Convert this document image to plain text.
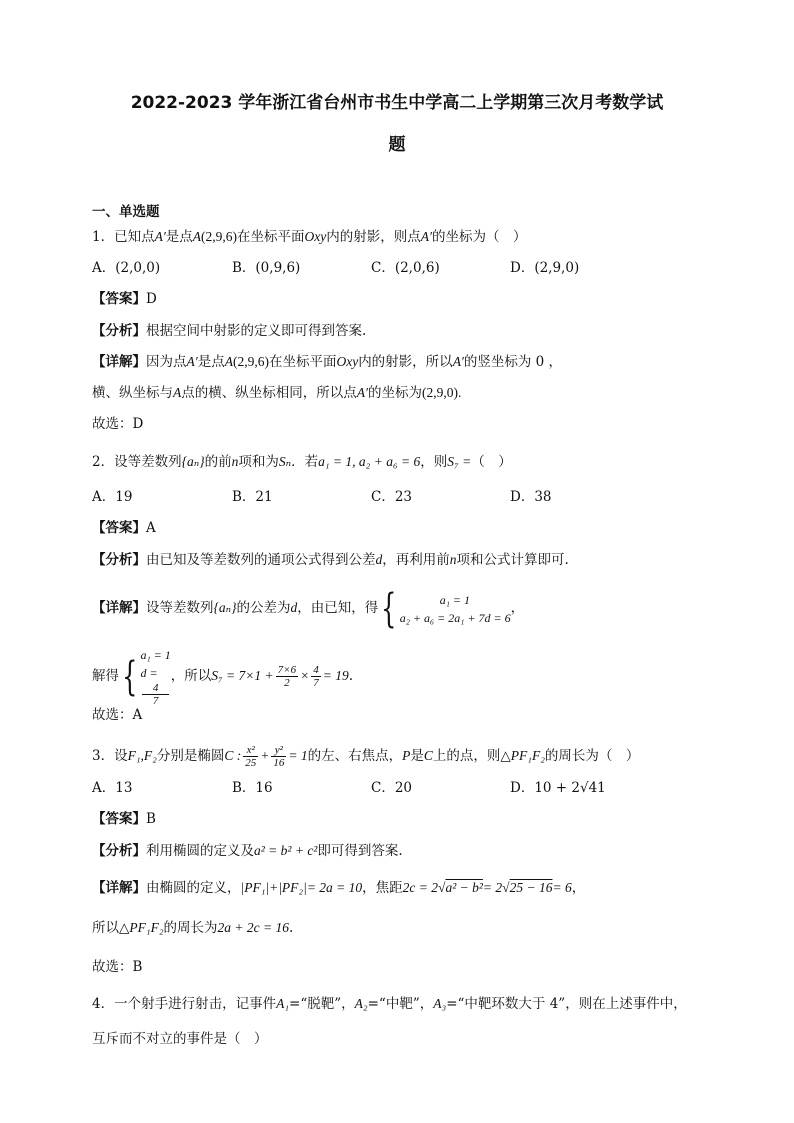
2022-2023 学年浙江省台州市书生中学高二上学期第三次月考数学试
题
一、单选题
1．已知点A′是点A(2,9,6)在坐标平面Oxy内的射影，则点A′的坐标为（　）
A．(2,0,0)	B．(0,9,6)	C．(2,0,6)	D．(2,9,0)
【答案】D
【分析】根据空间中射影的定义即可得到答案.
【详解】因为点A′是点A(2,9,6)在坐标平面Oxy内的射影，所以A′的竖坐标为 0 ，
横、纵坐标与A点的横、纵坐标相同，所以点A′的坐标为(2,9,0).
故选：D
2．设等差数列{aₙ}的前n项和为Sₙ．若a₁ = 1, a₂ + a₆ = 6，则S₇ =（　）
A．19	B．21	C．23	D．38
【答案】A
【分析】由已知及等差数列的通项公式得到公差d，再利用前n项和公式计算即可.
【详解】设等差数列{aₙ}的公差为d，由已知，得{	a₁ = 1
a₂ + a₆ = 2a₁ + 7d = 6
，
解得{ a₁ = 1
d =
4
7
，所以$S_7 = 7\times 1 + \frac{7\times 6}{2} \times \frac{4}{7} = 19$.
故选：A
3．设F₁,F₂分别是椭圆C : $\frac{\text{x²}}{25} + \frac{\text{y²}}{16} = 1$的左、右焦点，P是C上的点，则△PF₁F₂的周长为（　）
A．13	B．16	C．20	D．10 + 2√41
【答案】B
【分析】利用椭圆的定义及a² = b² + c²即可得到答案.
【详解】由椭圆的定义，|PF₁|+|PF₂|= 2a = 10，焦距2c = 2√a² − b²= 2√25 − 16= 6，
所以△PF₁F₂的周长为2a + 2c = 16.
故选：B
4．一个射手进行射击，记事件A₁=“脱靶”，A₂=“中靶”，A₃=“中靶环数大于 4”，则在上述事件中，
互斥而不对立的事件是（　）
